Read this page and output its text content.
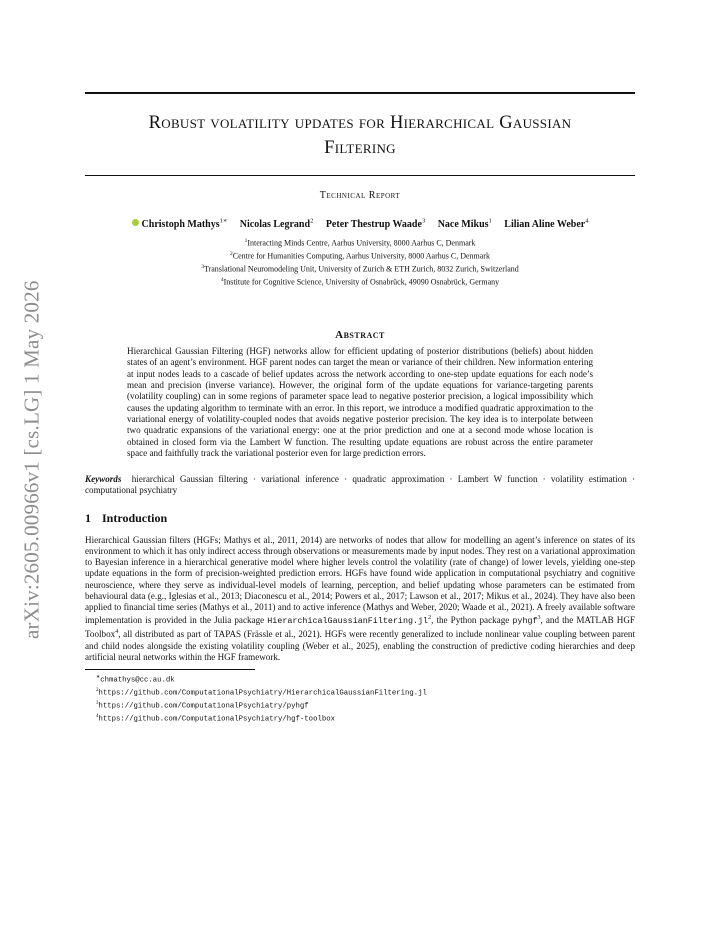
arXiv:2605.00966v1 [cs.LG] 1 May 2026
Robust volatility updates for Hierarchical Gaussian
Filtering
Technical Report
Christoph Mathys$^{1∗}$ Nicolas Legrand$^2$ Peter Thestrup Waade$^3$ Nace Mikus$^1$ Lilian Aline Weber$^4$
$^1$Interacting Minds Centre, Aarhus University, 8000 Aarhus C, Denmark
$^2$Centre for Humanities Computing, Aarhus University, 8000 Aarhus C, Denmark
$^3$Translational Neuromodeling Unit, University of Zurich & ETH Zurich, 8032 Zurich, Switzerland
$^4$Institute for Cognitive Science, University of Osnabrück, 49090 Osnabrück, Germany
Abstract
Hierarchical Gaussian Filtering (HGF) networks allow for efficient updating of posterior distributions (beliefs) about hidden states of an agent’s environment. HGF parent nodes can target the mean or variance of their children. New information entering at input nodes leads to a cascade of belief updates across the network according to one-step update equations for each node’s mean and precision (inverse variance). However, the original form of the update equations for variance-targeting parents (volatility coupling) can in some regions of parameter space lead to negative posterior precision, a logical impossibility which causes the updating algorithm to terminate with an error. In this report, we introduce a modified quadratic approximation to the variational energy of volatility-coupled nodes that avoids negative posterior precision. The key idea is to interpolate between two quadratic expansions of the variational energy: one at the prior prediction and one at a second mode whose location is obtained in closed form via the Lambert W function. The resulting update equations are robust across the entire parameter space and faithfully track the variational posterior even for large prediction errors.
Keywords hierarchical Gaussian filtering · variational inference · quadratic approximation · Lambert W function · volatility estimation · computational psychiatry
1 Introduction
Hierarchical Gaussian filters (HGFs; Mathys et al., 2011, 2014) are networks of nodes that allow for modelling an agent’s inference on states of its environment to which it has only indirect access through observations or measurements made by input nodes. They rest on a variational approximation to Bayesian inference in a hierarchical generative model where higher levels control the volatility (rate of change) of lower levels, yielding one-step update equations in the form of precision-weighted prediction errors. HGFs have found wide application in computational psychiatry and cognitive neuroscience, where they serve as individual-level models of learning, perception, and belief updating whose parameters can be estimated from behavioural data (e.g., Iglesias et al., 2013; Diaconescu et al., 2014; Powers et al., 2017; Lawson et al., 2017; Mikus et al., 2024). They have also been applied to financial time series (Mathys et al., 2011) and to active inference (Mathys and Weber, 2020; Waade et al., 2021). A freely available software implementation is provided in the Julia package $HierarchicalGaussianFiltering.jl^2$, the Python package pyhgf$^3$, and the MATLAB HGF Toolbox$^4$, all distributed as part of TAPAS (Frässle et al., 2021). HGFs were recently generalized to include nonlinear value coupling between parent and child nodes alongside the existing volatility coupling (Weber et al., 2025), enabling the construction of predictive coding hierarchies and deep artificial neural networks within the HGF framework.
∗chmathys@cc.au.dk
$^2$https://github.com/ComputationalPsychiatry/HierarchicalGaussianFiltering.jl
$^3$https://github.com/ComputationalPsychiatry/pyhgf
$^4$https://github.com/ComputationalPsychiatry/hgf-toolbox
